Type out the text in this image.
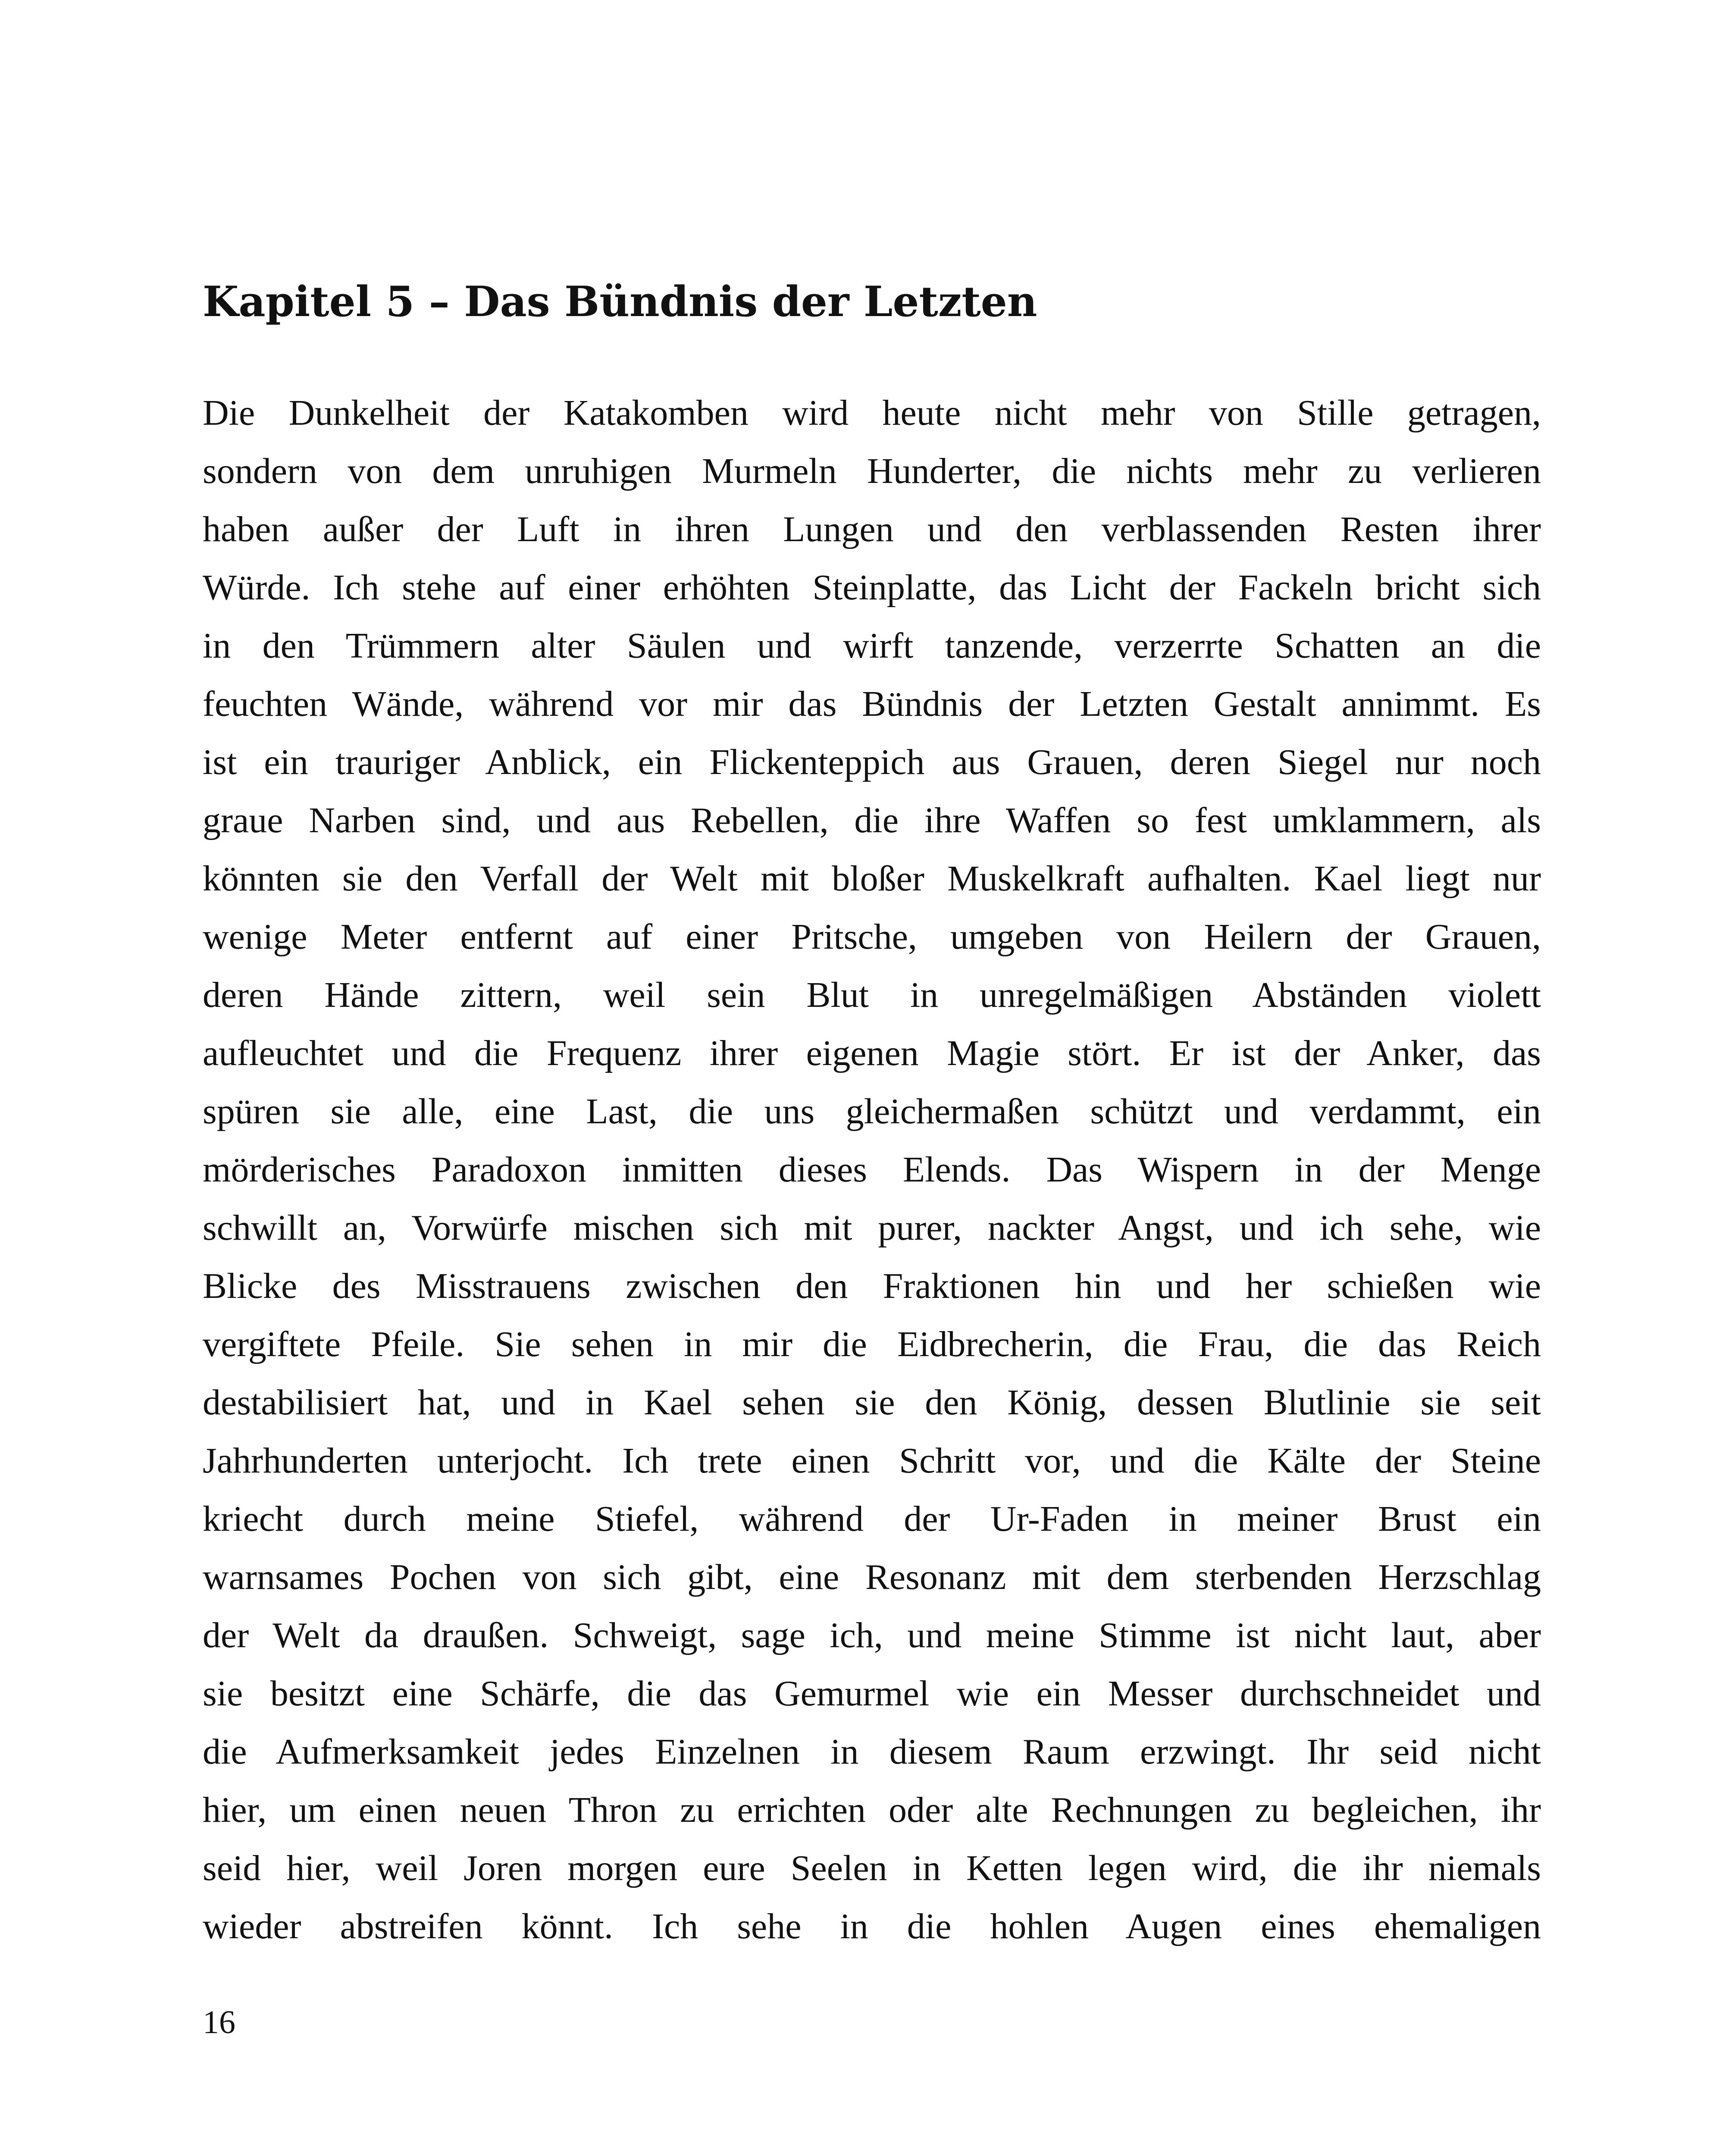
Kapitel 5 – Das Bündnis der Letzten
Die Dunkelheit der Katakomben wird heute nicht mehr von Stille getragen,
sondern von dem unruhigen Murmeln Hunderter, die nichts mehr zu verlieren
haben außer der Luft in ihren Lungen und den verblassenden Resten ihrer
Würde. Ich stehe auf einer erhöhten Steinplatte, das Licht der Fackeln bricht sich
in den Trümmern alter Säulen und wirft tanzende, verzerrte Schatten an die
feuchten Wände, während vor mir das Bündnis der Letzten Gestalt annimmt. Es
ist ein trauriger Anblick, ein Flickenteppich aus Grauen, deren Siegel nur noch
graue Narben sind, und aus Rebellen, die ihre Waffen so fest umklammern, als
könnten sie den Verfall der Welt mit bloßer Muskelkraft aufhalten. Kael liegt nur
wenige Meter entfernt auf einer Pritsche, umgeben von Heilern der Grauen,
deren Hände zittern, weil sein Blut in unregelmäßigen Abständen violett
aufleuchtet und die Frequenz ihrer eigenen Magie stört. Er ist der Anker, das
spüren sie alle, eine Last, die uns gleichermaßen schützt und verdammt, ein
mörderisches Paradoxon inmitten dieses Elends. Das Wispern in der Menge
schwillt an, Vorwürfe mischen sich mit purer, nackter Angst, und ich sehe, wie
Blicke des Misstrauens zwischen den Fraktionen hin und her schießen wie
vergiftete Pfeile. Sie sehen in mir die Eidbrecherin, die Frau, die das Reich
destabilisiert hat, und in Kael sehen sie den König, dessen Blutlinie sie seit
Jahrhunderten unterjocht. Ich trete einen Schritt vor, und die Kälte der Steine
kriecht durch meine Stiefel, während der Ur-Faden in meiner Brust ein
warnsames Pochen von sich gibt, eine Resonanz mit dem sterbenden Herzschlag
der Welt da draußen. Schweigt, sage ich, und meine Stimme ist nicht laut, aber
sie besitzt eine Schärfe, die das Gemurmel wie ein Messer durchschneidet und
die Aufmerksamkeit jedes Einzelnen in diesem Raum erzwingt. Ihr seid nicht
hier, um einen neuen Thron zu errichten oder alte Rechnungen zu begleichen, ihr
seid hier, weil Joren morgen eure Seelen in Ketten legen wird, die ihr niemals
wieder abstreifen könnt. Ich sehe in die hohlen Augen eines ehemaligen
16
